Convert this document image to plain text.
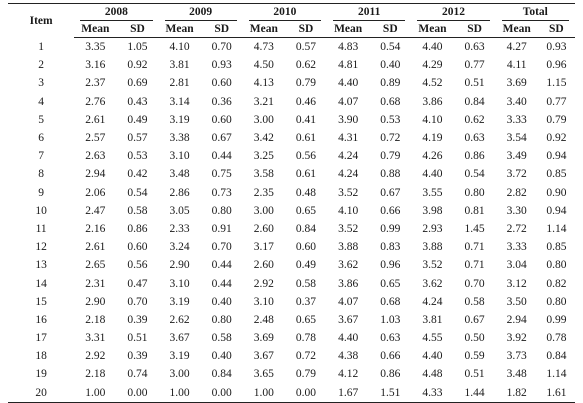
Item	2008		2009		2010		2011		2012		Total	

	Mean	SD	Mean	SD	Mean	SD	Mean	SD	Mean	SD	Mean	SD
1	3.35	1.05	4.10	0.70	4.73	0.57	4.83	0.54	4.40	0.63	4.27	0.93
2	3.16	0.92	3.81	0.93	4.50	0.62	4.81	0.40	4.29	0.77	4.11	0.96
3	2.37	0.69	2.81	0.60	4.13	0.79	4.40	0.89	4.52	0.51	3.69	1.15
4	2.76	0.43	3.14	0.36	3.21	0.46	4.07	0.68	3.86	0.84	3.40	0.77
5	2.61	0.49	3.19	0.60	3.00	0.41	3.90	0.53	4.10	0.62	3.33	0.79
6	2.57	0.57	3.38	0.67	3.42	0.61	4.31	0.72	4.19	0.63	3.54	0.92
7	2.63	0.53	3.10	0.44	3.25	0.56	4.24	0.79	4.26	0.86	3.49	0.94
8	2.94	0.42	3.48	0.75	3.58	0.61	4.24	0.88	4.40	0.54	3.72	0.85
9	2.06	0.54	2.86	0.73	2.35	0.48	3.52	0.67	3.55	0.80	2.82	0.90
10	2.47	0.58	3.05	0.80	3.00	0.65	4.10	0.66	3.98	0.81	3.30	0.94
11	2.16	0.86	2.33	0.91	2.60	0.84	3.52	0.99	2.93	1.45	2.72	1.14
12	2.61	0.60	3.24	0.70	3.17	0.60	3.88	0.83	3.88	0.71	3.33	0.85
13	2.65	0.56	2.90	0.44	2.60	0.49	3.62	0.96	3.52	0.71	3.04	0.80
14	2.31	0.47	3.10	0.44	2.92	0.58	3.86	0.65	3.62	0.70	3.12	0.82
15	2.90	0.70	3.19	0.40	3.10	0.37	4.07	0.68	4.24	0.58	3.50	0.80
16	2.18	0.39	2.62	0.80	2.48	0.65	3.67	1.03	3.81	0.67	2.94	0.99
17	3.31	0.51	3.67	0.58	3.69	0.78	4.40	0.63	4.55	0.50	3.92	0.78
18	2.92	0.39	3.19	0.40	3.67	0.72	4.38	0.66	4.40	0.59	3.73	0.84
19	2.18	0.74	3.00	0.84	3.65	0.79	4.12	0.86	4.48	0.51	3.48	1.14
20	1.00	0.00	1.00	0.00	1.00	0.00	1.67	1.51	4.33	1.44	1.82	1.61
